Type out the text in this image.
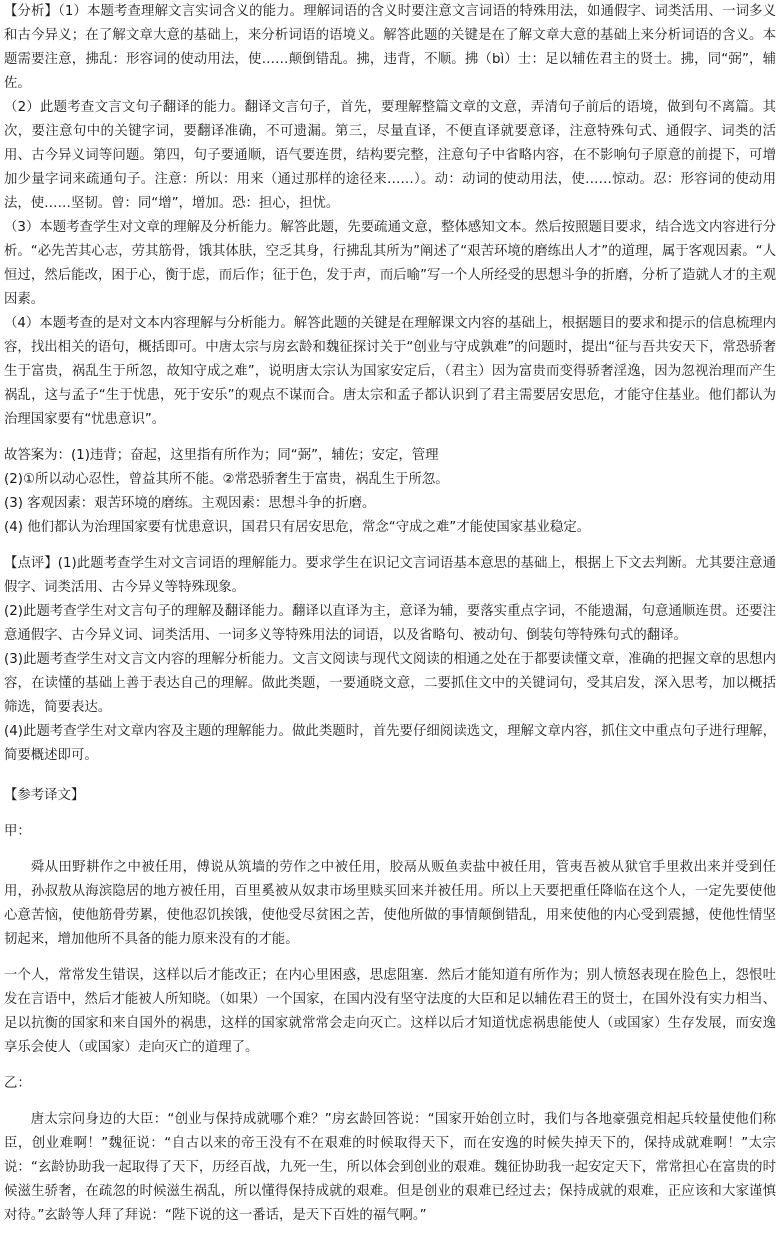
【分析】（1）本题考查理解文言实词含义的能力。理解词语的含义时要注意文言词语的特殊用法，如通假字、词类活用、一词多义和古今异义；在了解文章大意的基础上，来分析词语的语境义。解答此题的关键是在了解文章大意的基础上来分析词语的含义。本题需要注意，拂乱：形容词的使动用法，使……颠倒错乱。拂，违背，不顺。拂（bì）士：足以辅佐君主的贤士。拂，同“弼”，辅佐。

（2）此题考查文言文句子翻译的能力。翻译文言句子，首先，要理解整篇文章的文意，弄清句子前后的语境，做到句不离篇。其次，要注意句中的关键字词，要翻译准确，不可遗漏。第三，尽量直译，不便直译就要意译，注意特殊句式、通假字、词类的活用、古今异义词等问题。第四，句子要通顺，语气要连贯，结构要完整，注意句子中省略内容，在不影响句子原意的前提下，可增加少量字词来疏通句子。注意：所以：用来（通过那样的途径来……）。动：动词的使动用法，使……惊动。忍：形容词的使动用法，使……坚韧。曾：同“增”，增加。恐：担心，担忧。

（3）本题考查学生对文章的理解及分析能力。解答此题，先要疏通文意，整体感知文本。然后按照题目要求，结合选文内容进行分析。“必先苦其心志，劳其筋骨，饿其体肤，空乏其身，行拂乱其所为”阐述了“艰苦环境的磨练出人才”的道理，属于客观因素。“人恒过，然后能改，困于心，衡于虑，而后作；征于色，发于声，而后喻”写一个人所经受的思想斗争的折磨，分析了造就人才的主观因素。

（4）本题考查的是对文本内容理解与分析能力。解答此题的关键是在理解课文内容的基础上，根据题目的要求和提示的信息梳理内容，找出相关的语句，概括即可。中唐太宗与房玄龄和魏征探讨关于“创业与守成孰难”的问题时，提出“征与吾共安天下，常恐骄奢生于富贵，祸乱生于所忽，故知守成之难”，说明唐太宗认为国家安定后，（君主）因为富贵而变得骄奢淫逸，因为忽视治理而产生祸乱，这与孟子“生于忧患，死于安乐”的观点不谋而合。唐太宗和孟子都认识到了君主需要居安思危，才能守住基业。他们都认为治理国家要有“忧患意识”。

故答案为：(1)违背；奋起，这里指有所作为；同“弼”，辅佐；安定，管理

(2)①所以动心忍性，曾益其所不能。②常恐骄奢生于富贵，祸乱生于所忽。

(3) 客观因素：艰苦环境的磨练。主观因素：思想斗争的折磨。

(4) 他们都认为治理国家要有忧患意识，国君只有居安思危，常念“守成之难”才能使国家基业稳定。

【点评】(1)此题考查学生对文言词语的理解能力。要求学生在识记文言词语基本意思的基础上，根据上下文去判断。尤其要注意通假字、词类活用、古今异义等特殊现象。

(2)此题考查学生对文言句子的理解及翻译能力。翻译以直译为主，意译为辅，要落实重点字词，不能遗漏，句意通顺连贯。还要注意通假字、古今异义词、词类活用、一词多义等特殊用法的词语，以及省略句、被动句、倒装句等特殊句式的翻译。

(3)此题考查学生对文言文内容的理解分析能力。文言文阅读与现代文阅读的相通之处在于都要读懂文章，准确的把握文章的思想内容，在读懂的基础上善于表达自己的理解。做此类题，一要通晓文意，二要抓住文中的关键词句，受其启发，深入思考，加以概括筛选，简要表达。

(4)此题考查学生对文章内容及主题的理解能力。做此类题时，首先要仔细阅读选文，理解文章内容，抓住文中重点句子进行理解，简要概述即可。

【参考译文】

甲：

舜从田野耕作之中被任用，傅说从筑墙的劳作之中被任用，胶鬲从贩鱼卖盐中被任用，管夷吾被从狱官手里救出来并受到任用，孙叔敖从海滨隐居的地方被任用，百里奚被从奴隶市场里赎买回来并被任用。所以上天要把重任降临在这个人，一定先要使他心意苦恼，使他筋骨劳累，使他忍饥挨饿，使他受尽贫困之苦，使他所做的事情颠倒错乱，用来使他的内心受到震撼，使他性情坚韧起来，增加他所不具备的能力原来没有的才能。

一个人，常常发生错误，这样以后才能改正；在内心里困惑，思虑阻塞．然后才能知道有所作为；别人愤怒表现在脸色上，怨恨吐发在言语中，然后才能被人所知晓。（如果）一个国家，在国内没有坚守法度的大臣和足以辅佐君王的贤士，在国外没有实力相当、足以抗衡的国家和来自国外的祸患，这样的国家就常常会走向灭亡。这样以后才知道忧虑祸患能使人（或国家）生存发展，而安逸享乐会使人（或国家）走向灭亡的道理了。

乙：

唐太宗问身边的大臣：“创业与保持成就哪个难？”房玄龄回答说：“国家开始创立时，我们与各地豪强竞相起兵较量使他们称臣，创业难啊！”魏征说：“自古以来的帝王没有不在艰难的时候取得天下，而在安逸的时候失掉天下的，保持成就难啊！”太宗说：“玄龄协助我一起取得了天下，历经百战，九死一生，所以体会到创业的艰难。魏征协助我一起安定天下，常常担心在富贵的时候滋生骄奢，在疏忽的时候滋生祸乱，所以懂得保持成就的艰难。但是创业的艰难已经过去；保持成就的艰难，正应该和大家谨慎对待。”玄龄等人拜了拜说：“陛下说的这一番话，是天下百姓的福气啊。”
